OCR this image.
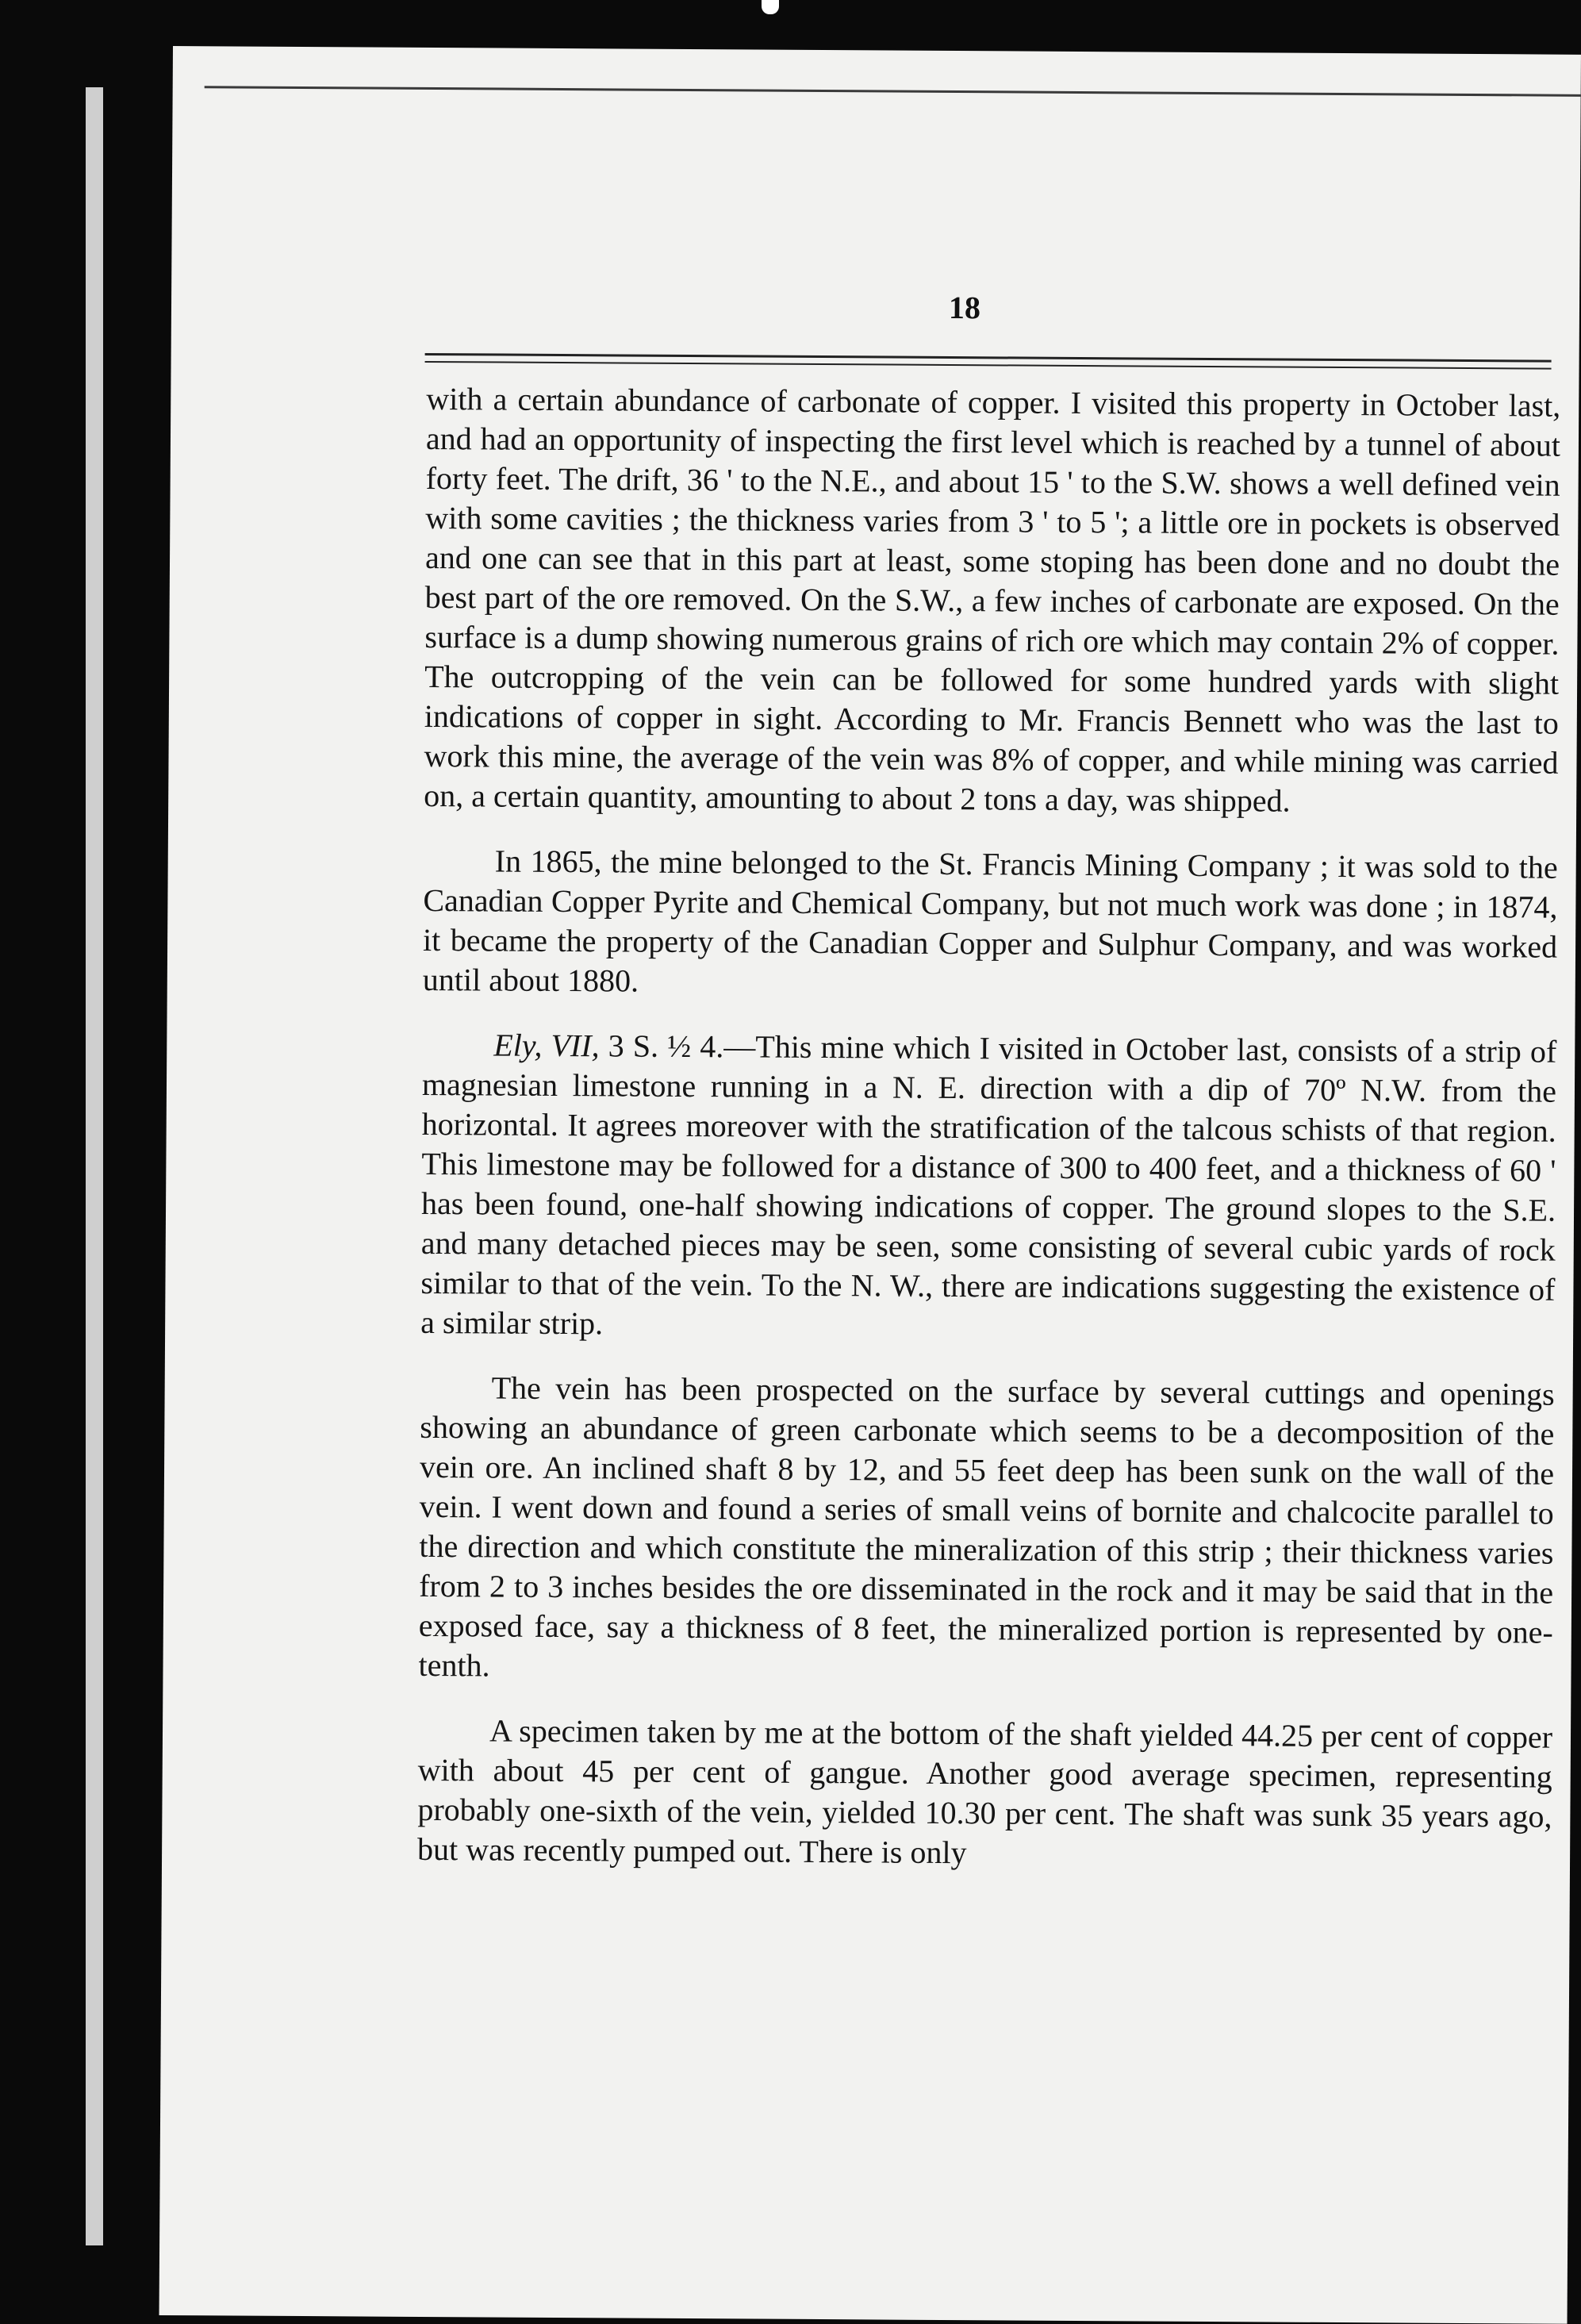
18

with a certain abundance of carbonate of copper. I visited this property in October last, and had an opportunity of inspecting the first level which is reached by a tunnel of about forty feet. The drift, 36 ' to the N.E., and about 15 ' to the S.W. shows a well defined vein with some cavities ; the thickness varies from 3 ' to 5 '; a little ore in pockets is observed and one can see that in this part at least, some stoping has been done and no doubt the best part of the ore removed. On the S.W., a few inches of carbonate are exposed. On the surface is a dump showing numerous grains of rich ore which may contain 2% of copper. The outcropping of the vein can be followed for some hundred yards with slight indications of copper in sight. According to Mr. Francis Bennett who was the last to work this mine, the average of the vein was 8% of copper, and while mining was carried on, a certain quantity, amounting to about 2 tons a day, was shipped.

In 1865, the mine belonged to the St. Francis Mining Company ; it was sold to the Canadian Copper Pyrite and Chemical Company, but not much work was done ; in 1874, it became the property of the Canadian Copper and Sulphur Company, and was worked until about 1880.

Ely, VII, 3 S. ½ 4.—This mine which I visited in October last, consists of a strip of magnesian limestone running in a N. E. direction with a dip of 70º N.W. from the horizontal. It agrees moreover with the stratification of the talcous schists of that region. This limestone may be followed for a distance of 300 to 400 feet, and a thickness of 60 ' has been found, one-half showing indications of copper. The ground slopes to the S.E. and many detached pieces may be seen, some consisting of several cubic yards of rock similar to that of the vein. To the N. W., there are indications suggesting the existence of a similar strip.

The vein has been prospected on the surface by several cuttings and openings showing an abundance of green carbonate which seems to be a decomposition of the vein ore. An inclined shaft 8 by 12, and 55 feet deep has been sunk on the wall of the vein. I went down and found a series of small veins of bornite and chalcocite parallel to the direction and which constitute the mineralization of this strip ; their thickness varies from 2 to 3 inches besides the ore disseminated in the rock and it may be said that in the exposed face, say a thickness of 8 feet, the mineralized portion is represented by one-tenth.

A specimen taken by me at the bottom of the shaft yielded 44.25 per cent of copper with about 45 per cent of gangue. Another good average specimen, representing probably one-sixth of the vein, yielded 10.30 per cent. The shaft was sunk 35 years ago, but was recently pumped out. There is only
